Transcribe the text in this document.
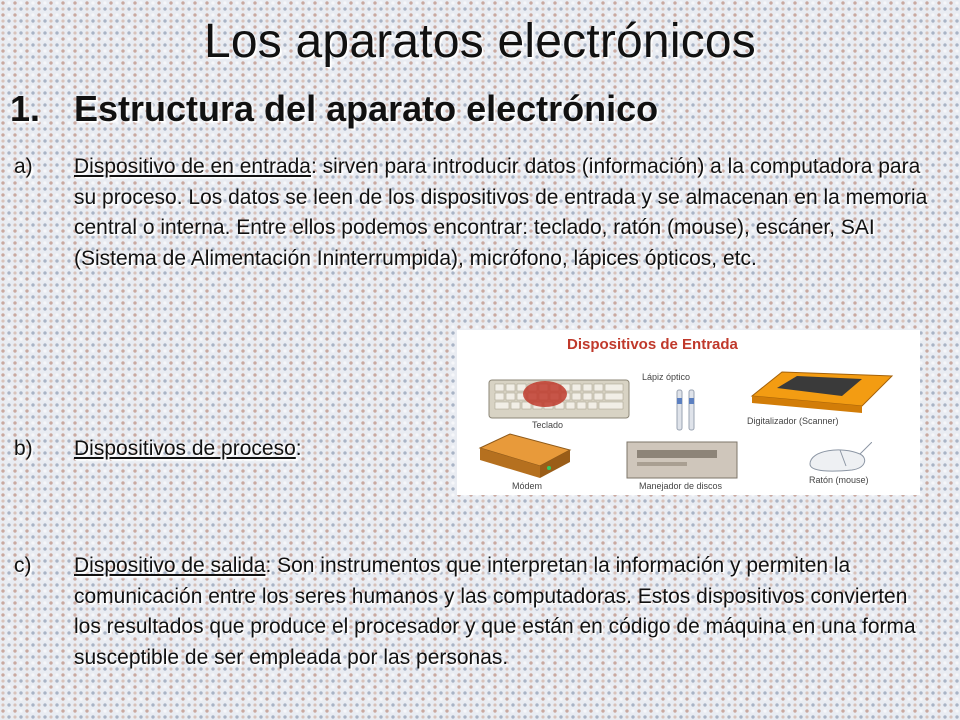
Los aparatos electrónicos
1. Estructura del aparato electrónico
a) Dispositivo de en entrada: sirven para introducir datos (información) a la computadora para su proceso. Los datos se leen de los dispositivos de entrada y se almacenan en la memoria central o interna. Entre ellos podemos encontrar: teclado, ratón (mouse), escáner, SAI (Sistema de Alimentación Ininterrumpida), micrófono, lápices ópticos, etc.
b) Dispositivos de proceso:
c) Dispositivo de salida: Son instrumentos que interpretan la información y permiten la comunicación entre los seres humanos y las computadoras. Estos dispositivos convierten los resultados que produce el procesador y que están en código de máquina en una forma susceptible de ser empleada por las personas.
Dispositivos de Entrada
Teclado
Lápiz óptico
Digitalizador (Scanner)
Módem	Manejador de discos
Ratón (mouse)
